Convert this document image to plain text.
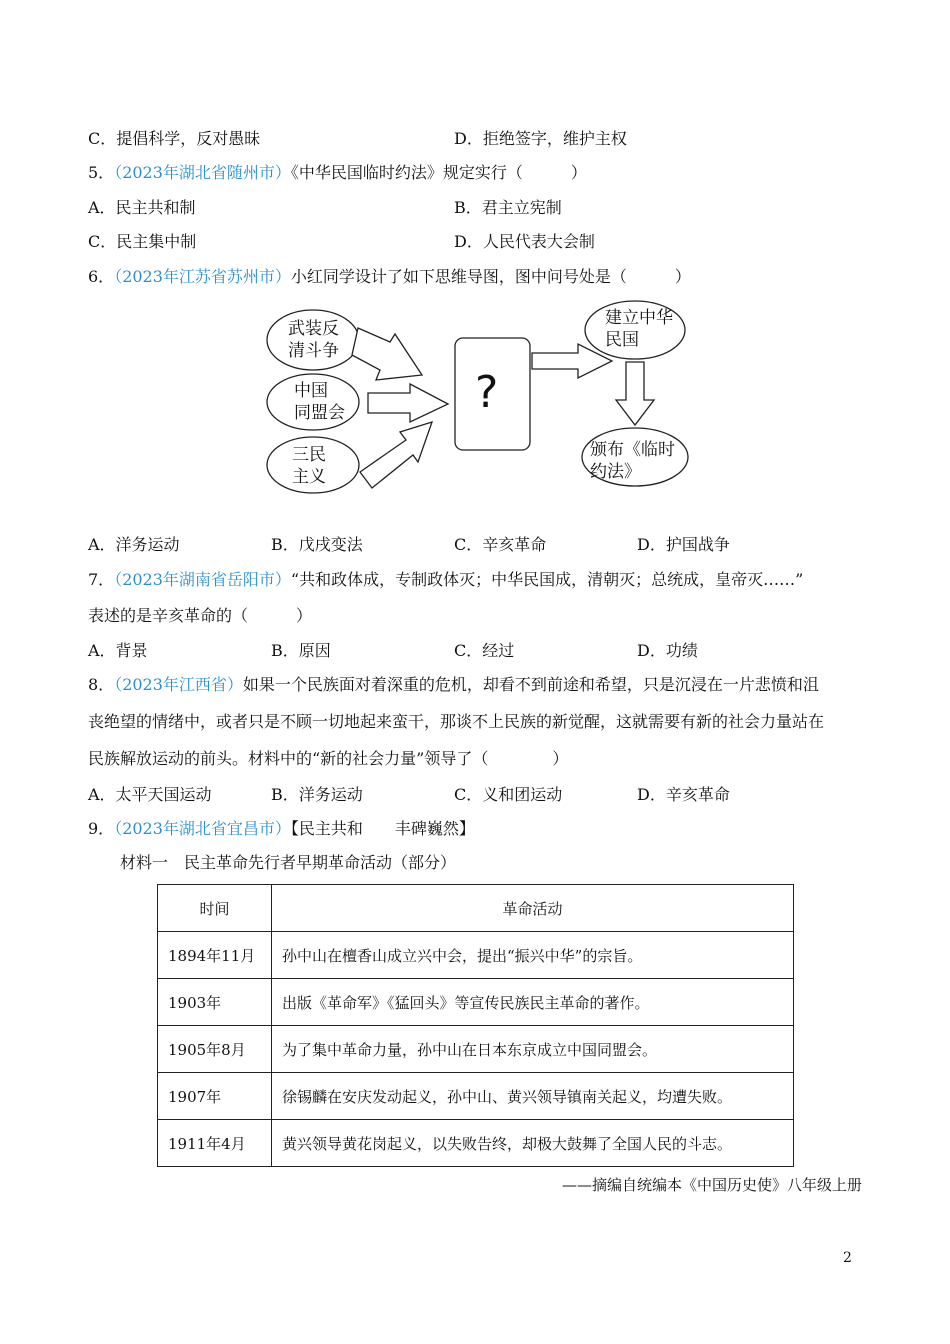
C．提倡科学，反对愚昧	D．拒绝签字，维护主权
5．（2023年湖北省随州市）《中华民国临时约法》规定实行（　　　）
A．民主共和制	B．君主立宪制
C．民主集中制	D．人民代表大会制
6．（2023年江苏省苏州市）小红同学设计了如下思维导图，图中问号处是（　　　）
武装反
清斗争
中国
同盟会
三民
主义
?
建立中华
民国
颁布《临时
约法》
A．洋务运动	B．戊戌变法	C．辛亥革命	D．护国战争
7．（2023年湖南省岳阳市）“共和政体成，专制政体灭；中华民国成，清朝灭；总统成，皇帝灭……”
表述的是辛亥革命的（　　　）
A．背景	B．原因	C．经过	D．功绩
8．（2023年江西省）如果一个民族面对着深重的危机，却看不到前途和希望，只是沉浸在一片悲愤和沮
丧绝望的情绪中，或者只是不顾一切地起来蛮干，那谈不上民族的新觉醒，这就需要有新的社会力量站在
民族解放运动的前头。材料中的“新的社会力量”领导了（　　　　）
A．太平天国运动	B．洋务运动	C．义和团运动	D．辛亥革命
9．（2023年湖北省宜昌市）【民主共和　　丰碑巍然】
材料一　民主革命先行者早期革命活动（部分）
时间	革命活动
1894年11月	孙中山在檀香山成立兴中会，提出“振兴中华”的宗旨。
1903年	出版《革命军》《猛回头》等宣传民族民主革命的著作。
1905年8月	为了集中革命力量，孙中山在日本东京成立中国同盟会。
1907年	徐锡麟在安庆发动起义，孙中山、黄兴领导镇南关起义，均遭失败。
1911年4月	黄兴领导黄花岗起义，以失败告终，却极大鼓舞了全国人民的斗志。
——摘编自统编本《中国历史使》八年级上册
2
